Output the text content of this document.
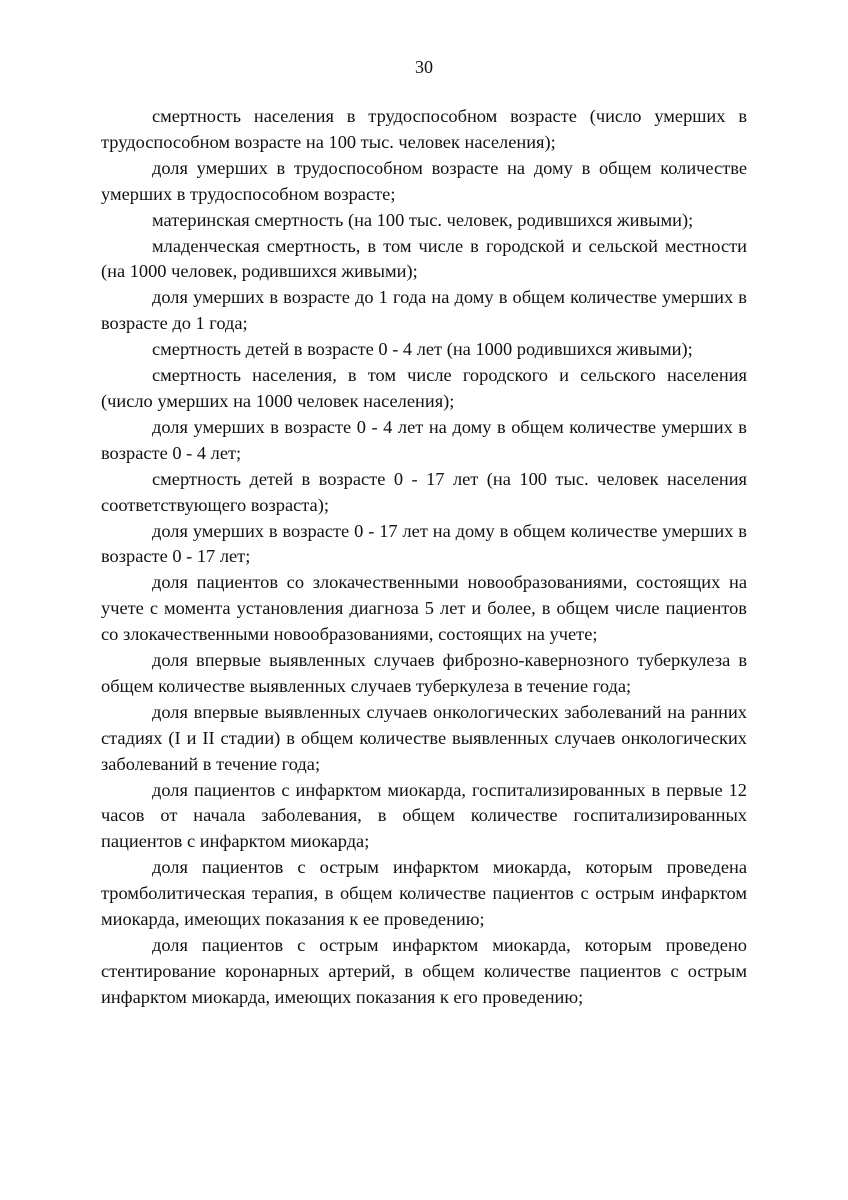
30

смертность населения в трудоспособном возрасте (число умерших в трудоспособном возрасте на 100 тыс. человек населения);

доля умерших в трудоспособном возрасте на дому в общем количестве умерших в трудоспособном возрасте;

материнская смертность (на 100 тыс. человек, родившихся живыми);

младенческая смертность, в том числе в городской и сельской местности (на 1000 человек, родившихся живыми);

доля умерших в возрасте до 1 года на дому в общем количестве умерших в возрасте до 1 года;

смертность детей в возрасте 0 - 4 лет (на 1000 родившихся живыми);

смертность населения, в том числе городского и сельского населения (число умерших на 1000 человек населения);

доля умерших в возрасте 0 - 4 лет на дому в общем количестве умерших в возрасте 0 - 4 лет;

смертность детей в возрасте 0 - 17 лет (на 100 тыс. человек населения соответствующего возраста);

доля умерших в возрасте 0 - 17 лет на дому в общем количестве умерших в возрасте 0 - 17 лет;

доля пациентов со злокачественными новообразованиями, состоящих на учете с момента установления диагноза 5 лет и более, в общем числе пациентов со злокачественными новообразованиями, состоящих на учете;

доля впервые выявленных случаев фиброзно-кавернозного туберкулеза в общем количестве выявленных случаев туберкулеза в течение года;

доля впервые выявленных случаев онкологических заболеваний на ранних стадиях (I и II стадии) в общем количестве выявленных случаев онкологических заболеваний в течение года;

доля пациентов с инфарктом миокарда, госпитализированных в первые 12 часов от начала заболевания, в общем количестве госпитализированных пациентов с инфарктом миокарда;

доля пациентов с острым инфарктом миокарда, которым проведена тромболитическая терапия, в общем количестве пациентов с острым инфарктом миокарда, имеющих показания к ее проведению;

доля пациентов с острым инфарктом миокарда, которым проведено стентирование коронарных артерий, в общем количестве пациентов с острым инфарктом миокарда, имеющих показания к его проведению;
